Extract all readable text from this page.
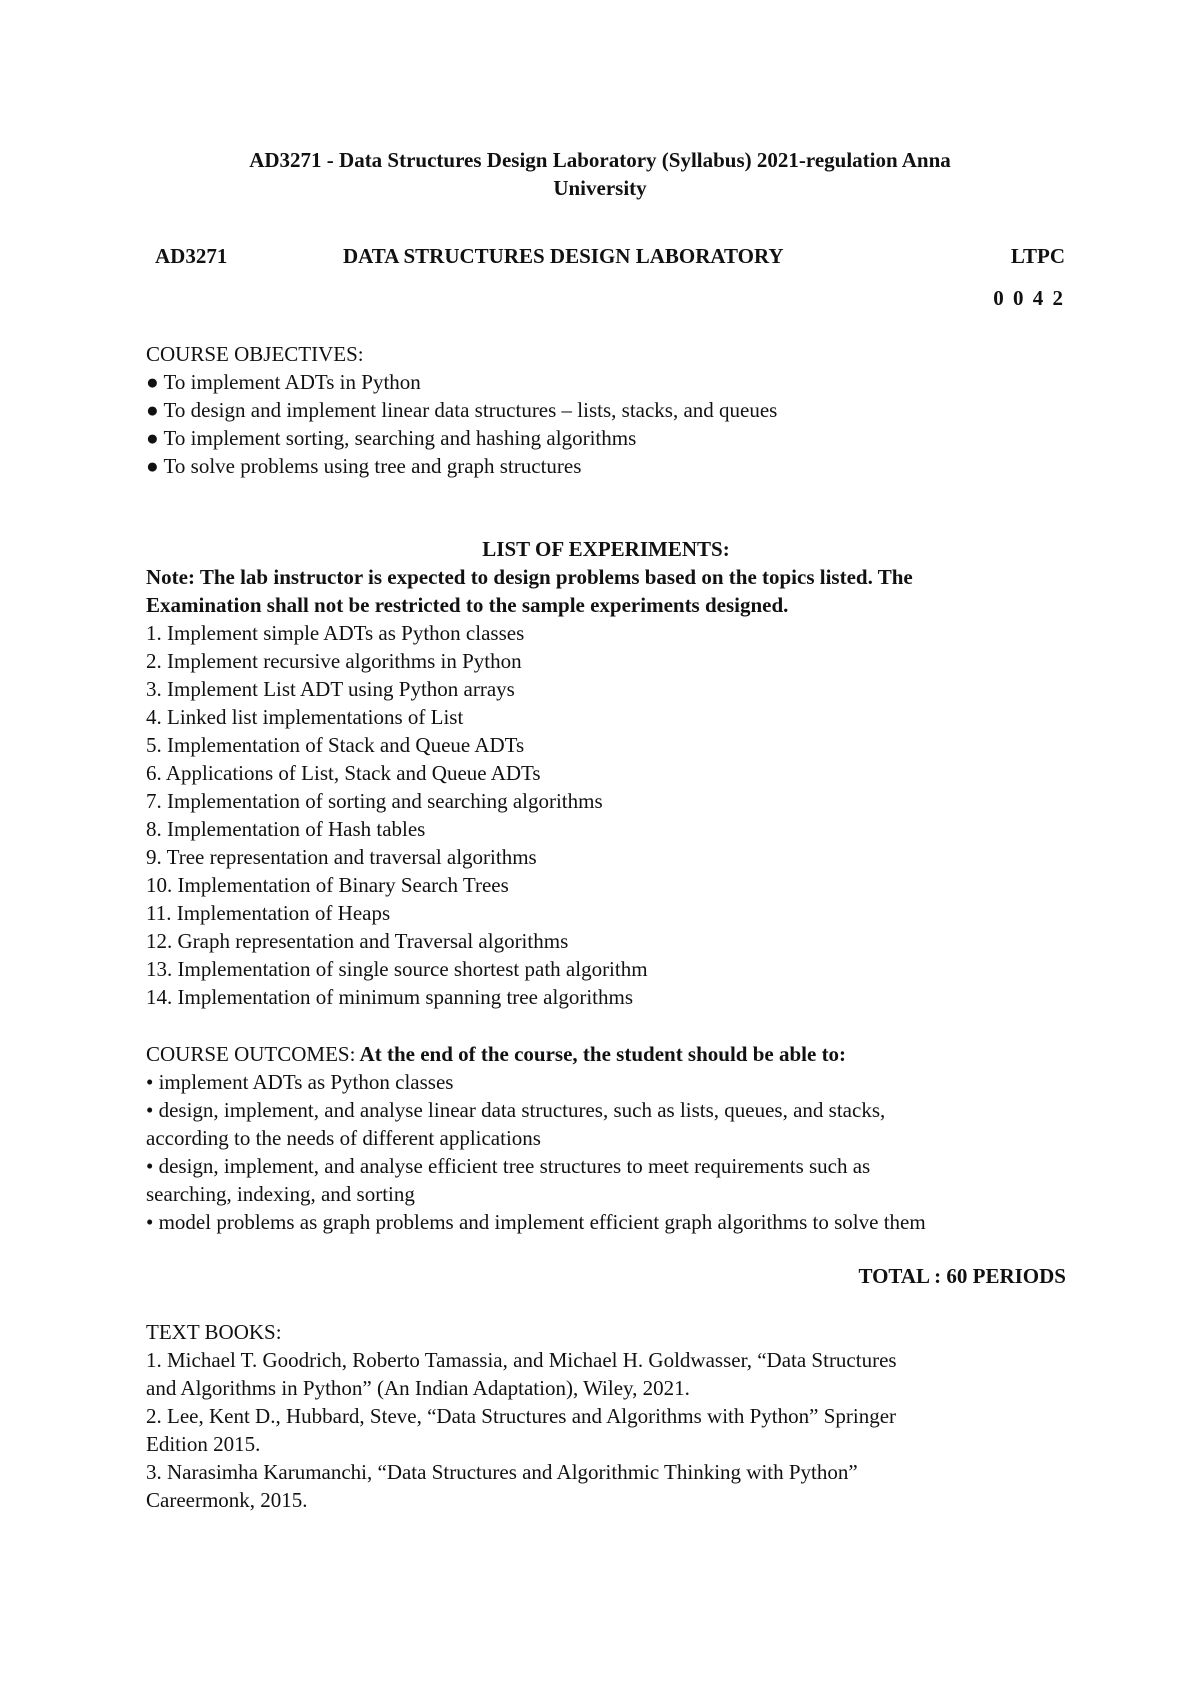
AD3271 - Data Structures Design Laboratory (Syllabus) 2021-regulation Anna
University
AD3271	DATA STRUCTURES DESIGN LABORATORY	LTPC
0 0 4 2

COURSE OBJECTIVES:

● To implement ADTs in Python
● To design and implement linear data structures – lists, stacks, and queues
● To implement sorting, searching and hashing algorithms
● To solve problems using tree and graph structures

LIST OF EXPERIMENTS:

Note: The lab instructor is expected to design problems based on the topics listed. The

Examination shall not be restricted to the sample experiments designed.

1. Implement simple ADTs as Python classes
2. Implement recursive algorithms in Python
3. Implement List ADT using Python arrays
4. Linked list implementations of List
5. Implementation of Stack and Queue ADTs
6. Applications of List, Stack and Queue ADTs
7. Implementation of sorting and searching algorithms
8. Implementation of Hash tables
9. Tree representation and traversal algorithms
10. Implementation of Binary Search Trees
11. Implementation of Heaps
12. Graph representation and Traversal algorithms
13. Implementation of single source shortest path algorithm
14. Implementation of minimum spanning tree algorithms

COURSE OUTCOMES: At the end of the course, the student should be able to:

• implement ADTs as Python classes
• design, implement, and analyse linear data structures, such as lists, queues, and stacks,
according to the needs of different applications
• design, implement, and analyse efficient tree structures to meet requirements such as
searching, indexing, and sorting
• model problems as graph problems and implement efficient graph algorithms to solve them
TOTAL : 60 PERIODS

TEXT BOOKS:

1. Michael T. Goodrich, Roberto Tamassia, and Michael H. Goldwasser, “Data Structures

and Algorithms in Python” (An Indian Adaptation), Wiley, 2021.

2. Lee, Kent D., Hubbard, Steve, “Data Structures and Algorithms with Python” Springer

Edition 2015.

3. Narasimha Karumanchi, “Data Structures and Algorithmic Thinking with Python”

Careermonk, 2015.
